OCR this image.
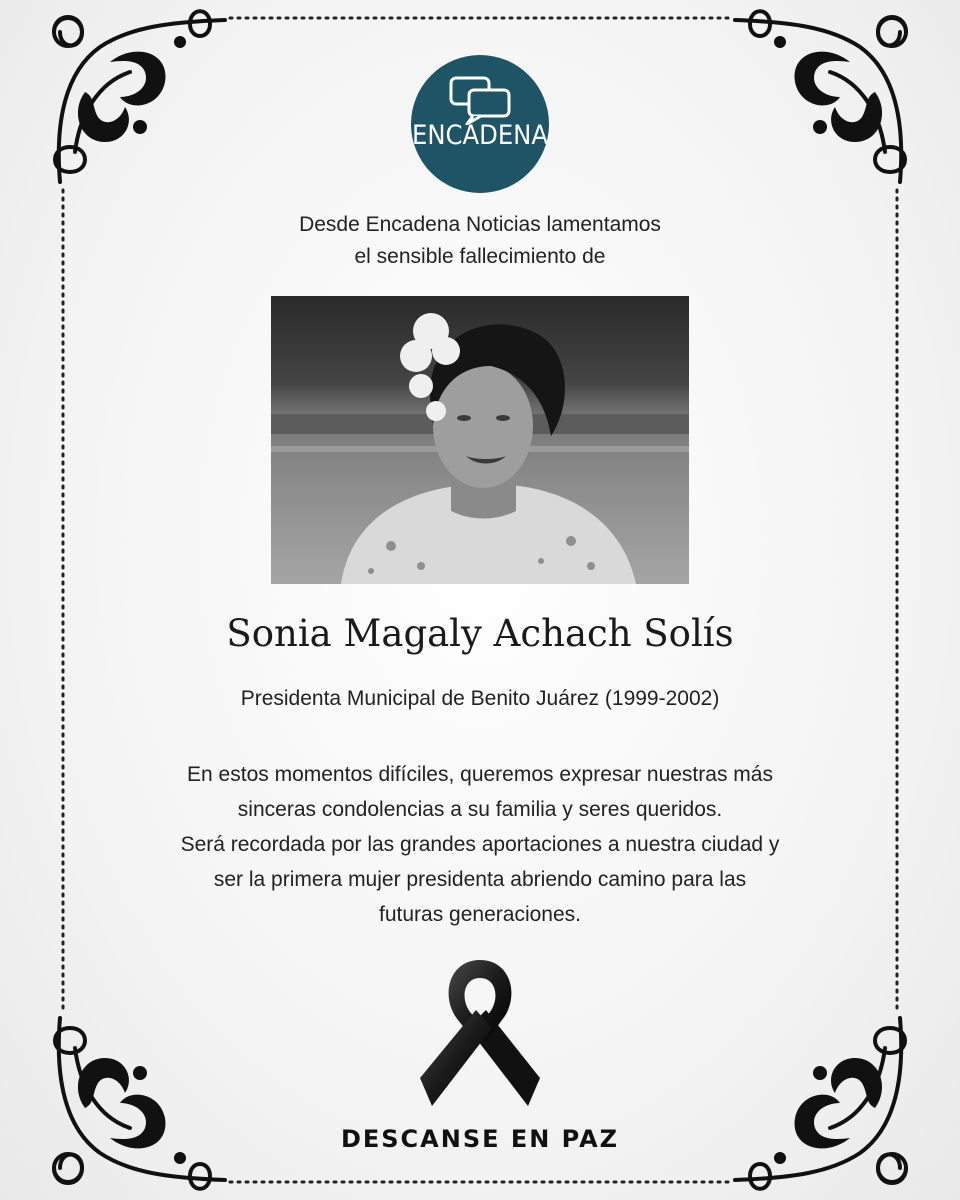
ENCADENA
Desde Encadena Noticias lamentamos
el sensible fallecimiento de
Sonia Magaly Achach Solís
Presidenta Municipal de Benito Juárez (1999-2002)
En estos momentos difíciles, queremos expresar nuestras más
sinceras condolencias a su familia y seres queridos.
Será recordada por las grandes aportaciones a nuestra ciudad y
ser la primera mujer presidenta abriendo camino para las
futuras generaciones.
DESCANSE EN PAZ
